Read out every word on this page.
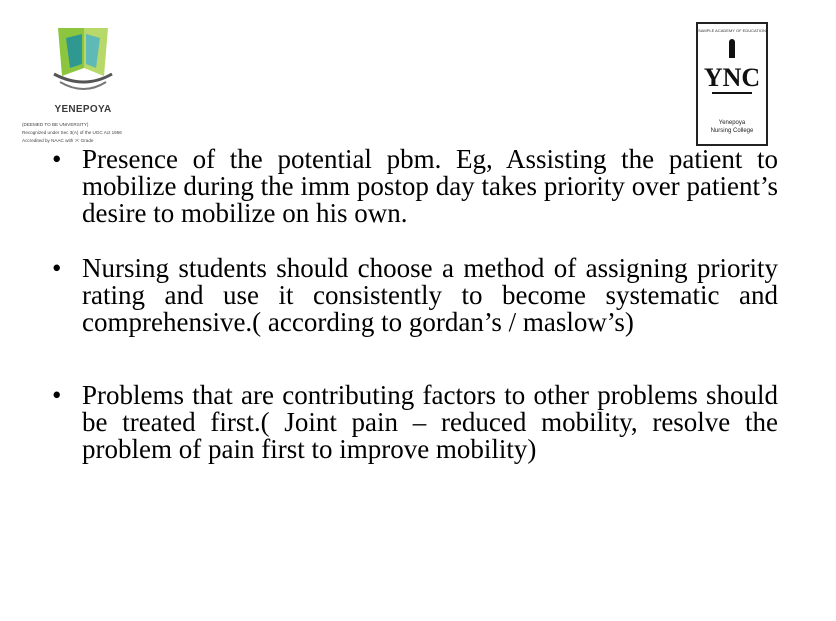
YENEPOYA
(DEEMED TO BE UNIVERSITY)
Recognized under Sec 3(A) of the UGC Act 1956
Accredited by NAAC with 'A' Grade
SAMPLE ACADEMY OF EDUCATION
YNC
Yenepoya
Nursing College
• Presence of the potential pbm. Eg, Assisting the patient to mobilize during the imm postop day takes priority over patient’s desire to mobilize on his own.
• Nursing students should choose a method of assigning priority rating and use it consistently to become systematic and comprehensive.( according to gordan’s / maslow’s)
• Problems that are contributing factors to other problems should be treated first.( Joint pain – reduced mobility, resolve the problem of pain first to improve mobility)
